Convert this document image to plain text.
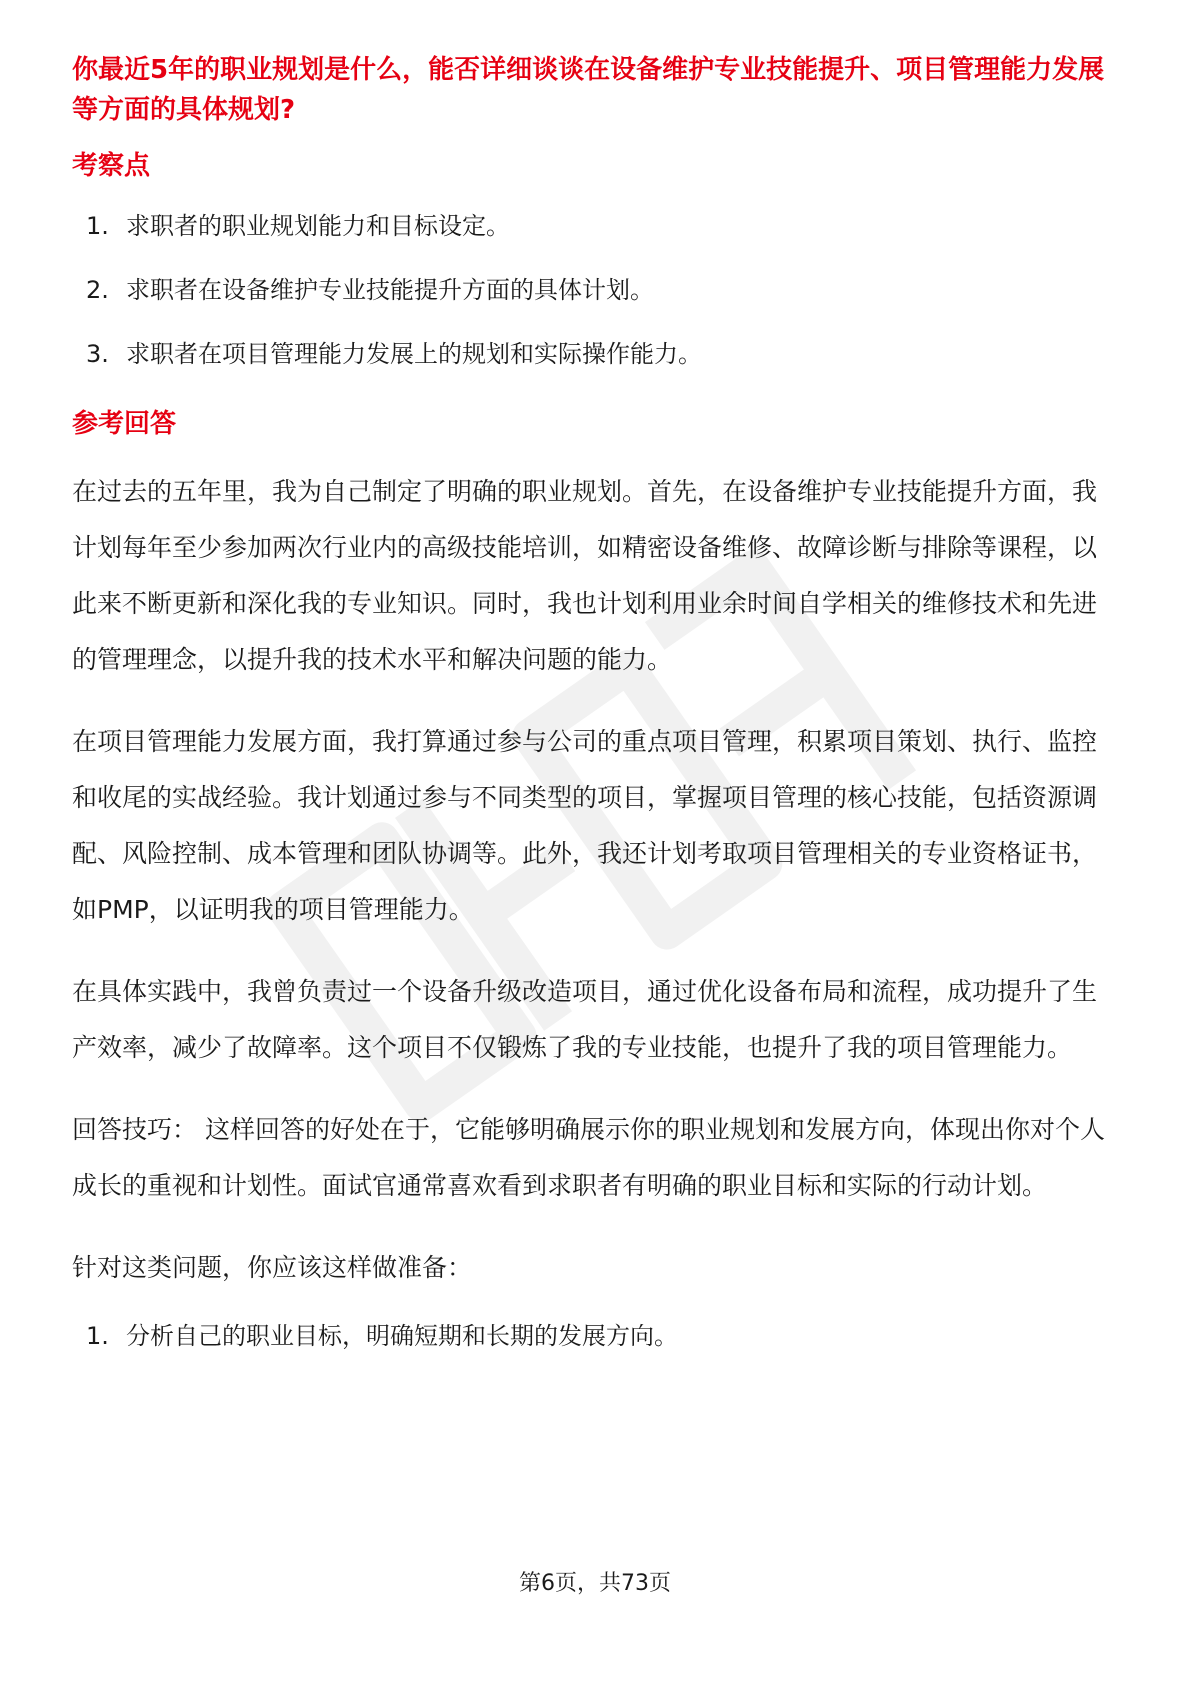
你最近5年的职业规划是什么，能否详细谈谈在设备维护专业技能提升、项目管理能力发展等方面的具体规划?
考察点
1. 求职者的职业规划能力和目标设定。
2. 求职者在设备维护专业技能提升方面的具体计划。
3. 求职者在项目管理能力发展上的规划和实际操作能力。
参考回答

在过去的五年里，我为自己制定了明确的职业规划。首先，在设备维护专业技能提升方面，我计划每年至少参加两次行业内的高级技能培训，如精密设备维修、故障诊断与排除等课程，以此来不断更新和深化我的专业知识。同时，我也计划利用业余时间自学相关的维修技术和先进的管理理念，以提升我的技术水平和解决问题的能力。

在项目管理能力发展方面，我打算通过参与公司的重点项目管理，积累项目策划、执行、监控和收尾的实战经验。我计划通过参与不同类型的项目，掌握项目管理的核心技能，包括资源调配、风险控制、成本管理和团队协调等。此外，我还计划考取项目管理相关的专业资格证书，如PMP，以证明我的项目管理能力。

在具体实践中，我曾负责过一个设备升级改造项目，通过优化设备布局和流程，成功提升了生产效率，减少了故障率。这个项目不仅锻炼了我的专业技能，也提升了我的项目管理能力。

回答技巧： 这样回答的好处在于，它能够明确展示你的职业规划和发展方向，体现出你对个人成长的重视和计划性。面试官通常喜欢看到求职者有明确的职业目标和实际的行动计划。

针对这类问题，你应该这样做准备：

1. 分析自己的职业目标，明确短期和长期的发展方向。
第6页，共73页
